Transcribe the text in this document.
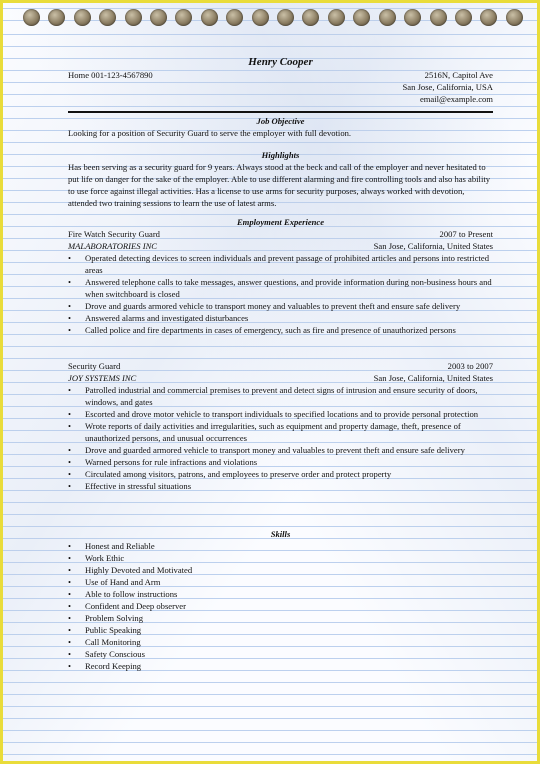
Henry Cooper
Home 001-123-4567890	2516N, Capitol Ave
San Jose, California, USA
email@example.com
Job Objective

Looking for a position of Security Guard to serve the employer with full devotion.

Highlights

Has been serving as a security guard for 9 years. Always stood at the beck and call of the employer and never hesitated to put life on danger for the sake of the employer. Able to use different alarming and fire controlling tools and also has ability to use force against illegal activities. Has a license to use arms for security purposes, always worked with devotion, attended two training sessions to learn the use of latest arms.

Employment Experience
Fire Watch Security Guard	2007 to Present
MALABORATORIES INC	San Jose, California, United States
•	Operated detecting devices to screen individuals and prevent passage of prohibited articles and persons into restricted areas
•	Answered telephone calls to take messages, answer questions, and provide information during non-business hours and when switchboard is closed
•	Drove and guards armored vehicle to transport money and valuables to prevent theft and ensure safe delivery
•	Answered alarms and investigated disturbances
•	Called police and fire departments in cases of emergency, such as fire and presence of unauthorized persons
Security Guard	2003 to 2007
JOY SYSTEMS INC	San Jose, California, United States
•	Patrolled industrial and commercial premises to prevent and detect signs of intrusion and ensure security of doors, windows, and gates
•	Escorted and drove motor vehicle to transport individuals to specified locations and to provide personal protection
•	Wrote reports of daily activities and irregularities, such as equipment and property damage, theft, presence of unauthorized persons, and unusual occurrences
•	Drove and guarded armored vehicle to transport money and valuables to prevent theft and ensure safe delivery
•	Warned persons for rule infractions and violations
•	Circulated among visitors, patrons, and employees to preserve order and protect property
•	Effective in stressful situations
Skills
•	Honest and Reliable
•	Work Ethic
•	Highly Devoted and Motivated
•	Use of Hand and Arm
•	Able to follow instructions
•	Confident and Deep observer
•	Problem Solving
•	Public Speaking
•	Call Monitoring
•	Safety Conscious
•	Record Keeping
